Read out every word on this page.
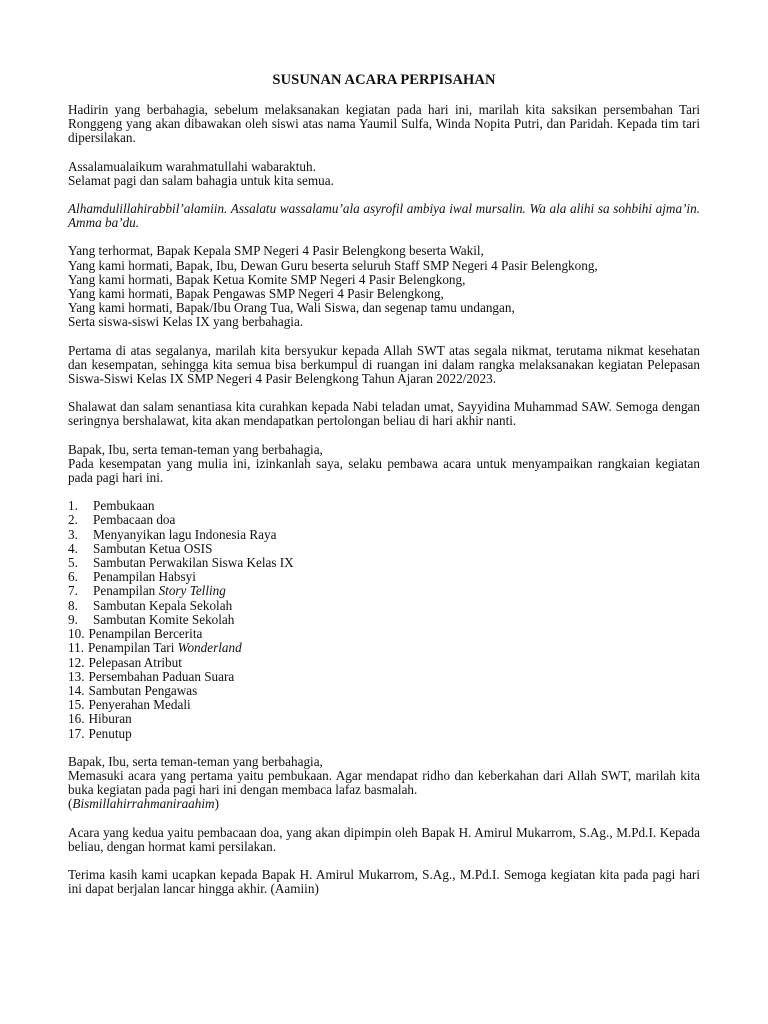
SUSUNAN ACARA PERPISAHAN

Hadirin yang berbahagia, sebelum melaksanakan kegiatan pada hari ini, marilah kita saksikan persembahan Tari Ronggeng yang akan dibawakan oleh siswi atas nama Yaumil Sulfa, Winda Nopita Putri, dan Paridah. Kepada tim tari dipersilakan.

Assalamualaikum warahmatullahi wabaraktuh.
Selamat pagi dan salam bahagia untuk kita semua.

Alhamdulillahirabbil’alamiin. Assalatu wassalamu’ala asyrofil ambiya iwal mursalin. Wa ala alihi sa sohbihi ajma’in. Amma ba’du.

Yang terhormat, Bapak Kepala SMP Negeri 4 Pasir Belengkong beserta Wakil,
Yang kami hormati, Bapak, Ibu, Dewan Guru beserta seluruh Staff SMP Negeri 4 Pasir Belengkong,
Yang kami hormati, Bapak Ketua Komite SMP Negeri 4 Pasir Belengkong,
Yang kami hormati, Bapak Pengawas SMP Negeri 4 Pasir Belengkong,
Yang kami hormati, Bapak/Ibu Orang Tua, Wali Siswa, dan segenap tamu undangan,
Serta siswa-siswi Kelas IX yang berbahagia.

Pertama di atas segalanya, marilah kita bersyukur kepada Allah SWT atas segala nikmat, terutama nikmat kesehatan dan kesempatan, sehingga kita semua bisa berkumpul di ruangan ini dalam rangka melaksanakan kegiatan Pelepasan Siswa-Siswi Kelas IX SMP Negeri 4 Pasir Belengkong Tahun Ajaran 2022/2023.

Shalawat dan salam senantiasa kita curahkan kepada Nabi teladan umat, Sayyidina Muhammad SAW. Semoga dengan seringnya bershalawat, kita akan mendapatkan pertolongan beliau di hari akhir nanti.

Bapak, Ibu, serta teman-teman yang berbahagia,
Pada kesempatan yang mulia ini, izinkanlah saya, selaku pembawa acara untuk menyampaikan rangkaian kegiatan pada pagi hari ini.

1.	Pembukaan
2.	Pembacaan doa
3.	Menyanyikan lagu Indonesia Raya
4.	Sambutan Ketua OSIS
5.	Sambutan Perwakilan Siswa Kelas IX
6.	Penampilan Habsyi
7.	Penampilan Story Telling
8.	Sambutan Kepala Sekolah
9.	Sambutan Komite Sekolah
10. Penampilan Bercerita
11. Penampilan Tari Wonderland
12. Pelepasan Atribut
13. Persembahan Paduan Suara
14. Sambutan Pengawas
15. Penyerahan Medali
16. Hiburan
17. Penutup

Bapak, Ibu, serta teman-teman yang berbahagia,
Memasuki acara yang pertama yaitu pembukaan. Agar mendapat ridho dan keberkahan dari Allah SWT, marilah kita buka kegiatan pada pagi hari ini dengan membaca lafaz basmalah.
(Bismillahirrahmaniraahim)

Acara yang kedua yaitu pembacaan doa, yang akan dipimpin oleh Bapak H. Amirul Mukarrom, S.Ag., M.Pd.I. Kepada beliau, dengan hormat kami persilakan.

Terima kasih kami ucapkan kepada Bapak H. Amirul Mukarrom, S.Ag., M.Pd.I. Semoga kegiatan kita pada pagi hari ini dapat berjalan lancar hingga akhir. (Aamiin)
